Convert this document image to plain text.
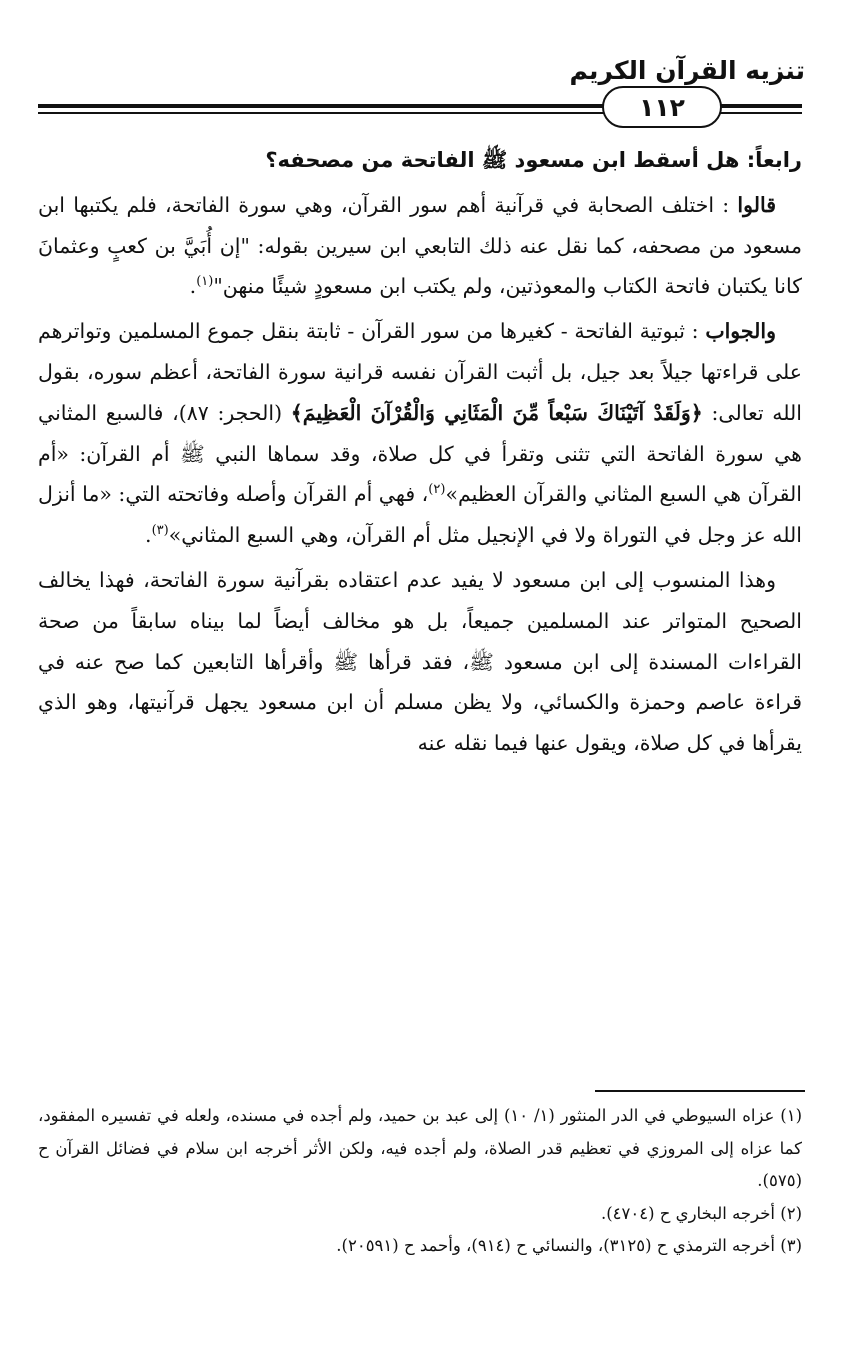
تنزيه القرآن الكريم
١١٢
رابعاً: هل أسقط ابن مسعود ﷺ الفاتحة من مصحفه؟

قالوا : اختلف الصحابة في قرآنية أهم سور القرآن، وهي سورة الفاتحة، فلم يكتبها ابن مسعود من مصحفه، كما نقل عنه ذلك التابعي ابن سيرين بقوله: "إن أُبَيَّ بن كعبٍ وعثمانَ كانا يكتبان فاتحة الكتاب والمعوذتين، ولم يكتب ابن مسعودٍ شيئًا منهن"$^{(١)}$.

والجواب : ثبوتية الفاتحة - كغيرها من سور القرآن - ثابتة بنقل جموع المسلمين وتواترهم على قراءتها جيلاً بعد جيل، بل أثبت القرآن نفسه قرانية سورة الفاتحة، أعظم سوره، بقول الله تعالى: ﴿وَلَقَدْ آتَيْنَاكَ سَبْعاً مِّنَ الْمَثَانِي وَالْقُرْآنَ الْعَظِيمَ﴾ (الحجر: ٨٧)، فالسبع المثاني هي سورة الفاتحة التي تثنى وتقرأ في كل صلاة، وقد سماها النبي ﷺ أم القرآن: «أم القرآن هي السبع المثاني والقرآن العظيم»$^{(٢)}$، فهي أم القرآن وأصله وفاتحته التي: «ما أنزل الله عز وجل في التوراة ولا في الإنجيل مثل أم القرآن، وهي السبع المثاني»$^{(٣)}$.

وهذا المنسوب إلى ابن مسعود لا يفيد عدم اعتقاده بقرآنية سورة الفاتحة، فهذا يخالف الصحيح المتواتر عند المسلمين جميعاً، بل هو مخالف أيضاً لما بيناه سابقاً من صحة القراءات المسندة إلى ابن مسعود ﷺ، فقد قرأها ﷺ وأقرأها التابعين كما صح عنه في قراءة عاصم وحمزة والكسائي، ولا يظن مسلم أن ابن مسعود يجهل قرآنيتها، وهو الذي يقرأها في كل صلاة، ويقول عنها فيما نقله عنه

(١) عزاه السيوطي في الدر المنثور (١/ ١٠) إلى عبد بن حميد، ولم أجده في مسنده، ولعله في تفسيره المفقود، كما عزاه إلى المروزي في تعظيم قدر الصلاة، ولم أجده فيه، ولكن الأثر أخرجه ابن سلام في فضائل القرآن ح (٥٧٥).

(٢) أخرجه البخاري ح (٤٧٠٤).

(٣) أخرجه الترمذي ح (٣١٢٥)، والنسائي ح (٩١٤)، وأحمد ح (٢٠٥٩١).
